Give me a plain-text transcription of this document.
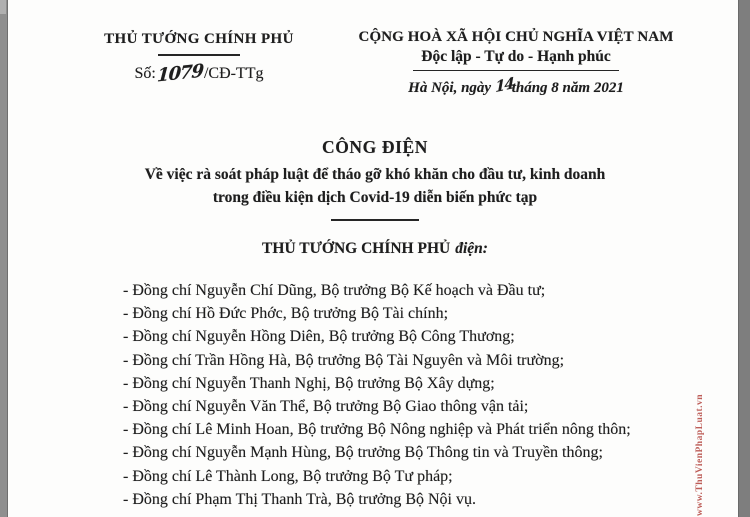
www.ThuVienPhapLuat.vn
THỦ TƯỚNG CHÍNH PHỦ
Số:1079/CĐ-TTg
CỘNG HOÀ XÃ HỘI CHỦ NGHĨA VIỆT NAM
Độc lập - Tự do - Hạnh phúc
Hà Nội, ngày 14tháng 8 năm 2021
CÔNG ĐIỆN
Về việc rà soát pháp luật để tháo gỡ khó khăn cho đầu tư, kinh doanh
trong điều kiện dịch Covid-19 diễn biến phức tạp
THỦ TƯỚNG CHÍNH PHỦ điện:
- Đồng chí Nguyễn Chí Dũng, Bộ trưởng Bộ Kế hoạch và Đầu tư;
- Đồng chí Hồ Đức Phớc, Bộ trưởng Bộ Tài chính;
- Đồng chí Nguyễn Hồng Diên, Bộ trưởng Bộ Công Thương;
- Đồng chí Trần Hồng Hà, Bộ trưởng Bộ Tài Nguyên và Môi trường;
- Đồng chí Nguyễn Thanh Nghị, Bộ trưởng Bộ Xây dựng;
- Đồng chí Nguyễn Văn Thể, Bộ trưởng Bộ Giao thông vận tải;
- Đồng chí Lê Minh Hoan, Bộ trưởng Bộ Nông nghiệp và Phát triển nông thôn;
- Đồng chí Nguyễn Mạnh Hùng, Bộ trưởng Bộ Thông tin và Truyền thông;
- Đồng chí Lê Thành Long, Bộ trưởng Bộ Tư pháp;
- Đồng chí Phạm Thị Thanh Trà, Bộ trưởng Bộ Nội vụ.
